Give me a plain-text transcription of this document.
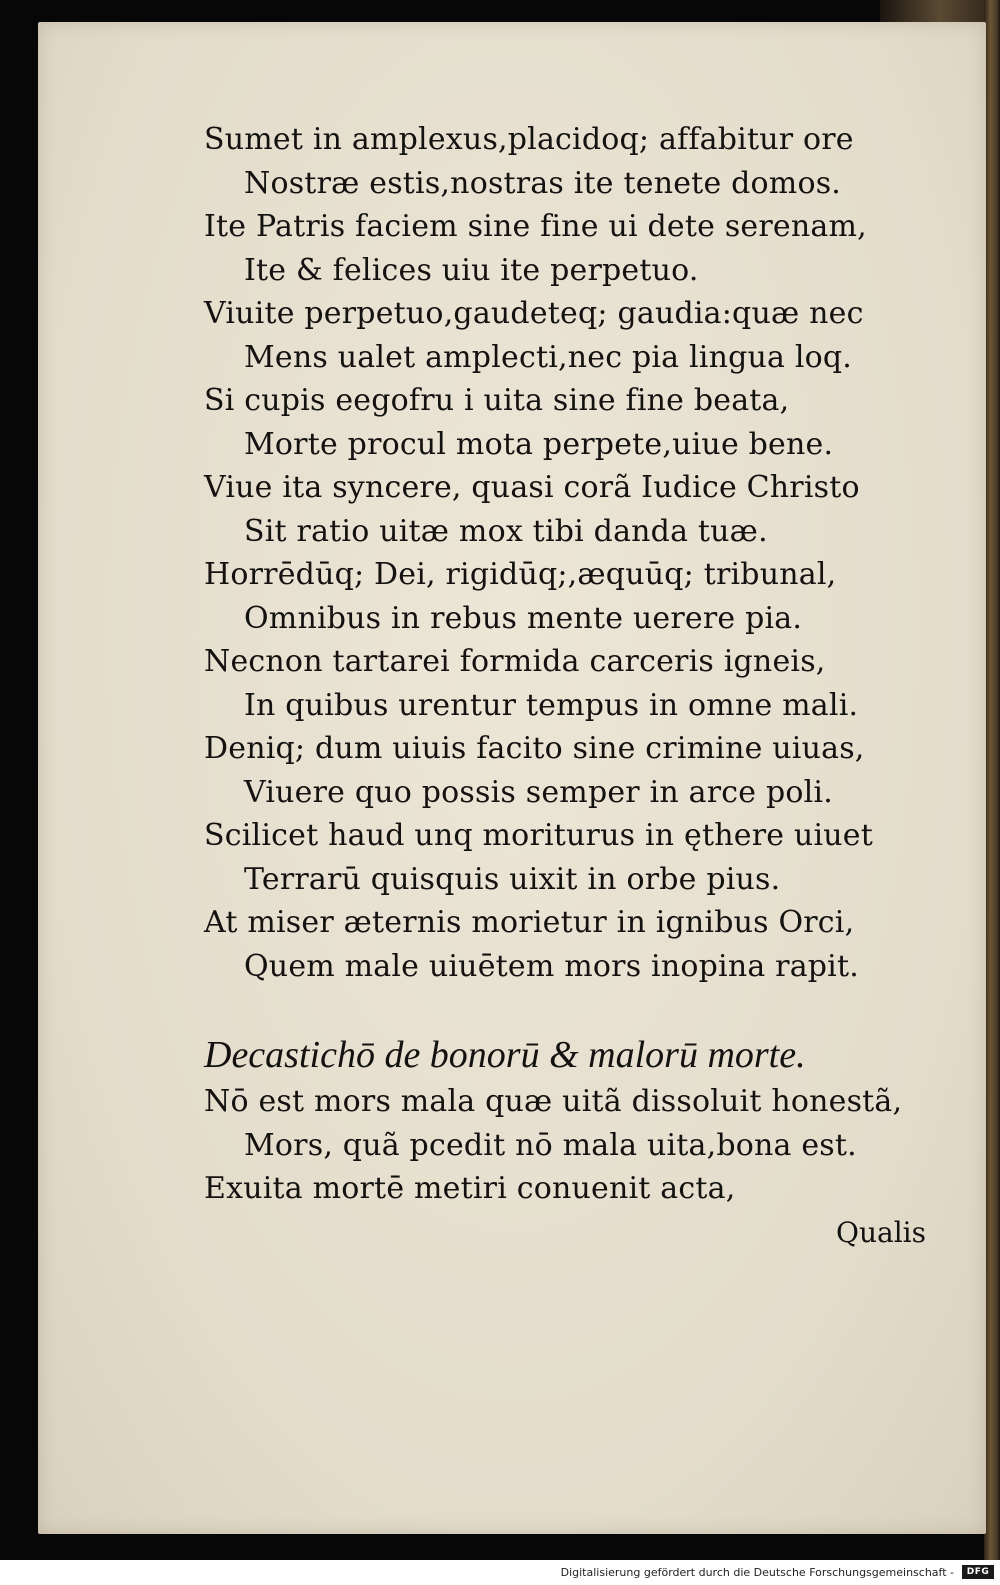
Sumet in amplexus,placidoq; affabitur ore
Nostræ estis,nostras ite tenete domos.
Ite Patris faciem sine fine ui dete serenam,
Ite & felices uiu ite perpetuo.
Viuite perpetuo,gaudeteq; gaudia:quæ nec
Mens ualet amplecti,nec pia lingua loq.
Si cupis eegofru i uita sine fine beata,
Morte procul mota perpete,uiue bene.
Viue ita syncere, quasi corã Iudice Christo
Sit ratio uitæ mox tibi danda tuæ.
Horrēdūq; Dei, rigidūq;,æquūq; tribunal,
Omnibus in rebus mente uerere pia.
Necnon tartarei formida carceris igneis,
In quibus urentur tempus in omne mali.
Deniq; dum uiuis facito sine crimine uiuas,
Viuere quo possis semper in arce poli.
Scilicet haud unq moriturus in ęthere uiuet
Terrarū quisquis uixit in orbe pius.
At miser æternis morietur in ignibus Orci,
Quem male uiuētem mors inopina rapit.
Decastichō de bonorū & malorū morte.
Nō est mors mala quæ uitã dissoluit honestã,
Mors, quã pcedit nō mala uita,bona est.
Exuita mortē metiri conuenit acta,
Qualis
Digitalisierung gefördert durch die Deutsche Forschungsgemeinschaft -	DFG
